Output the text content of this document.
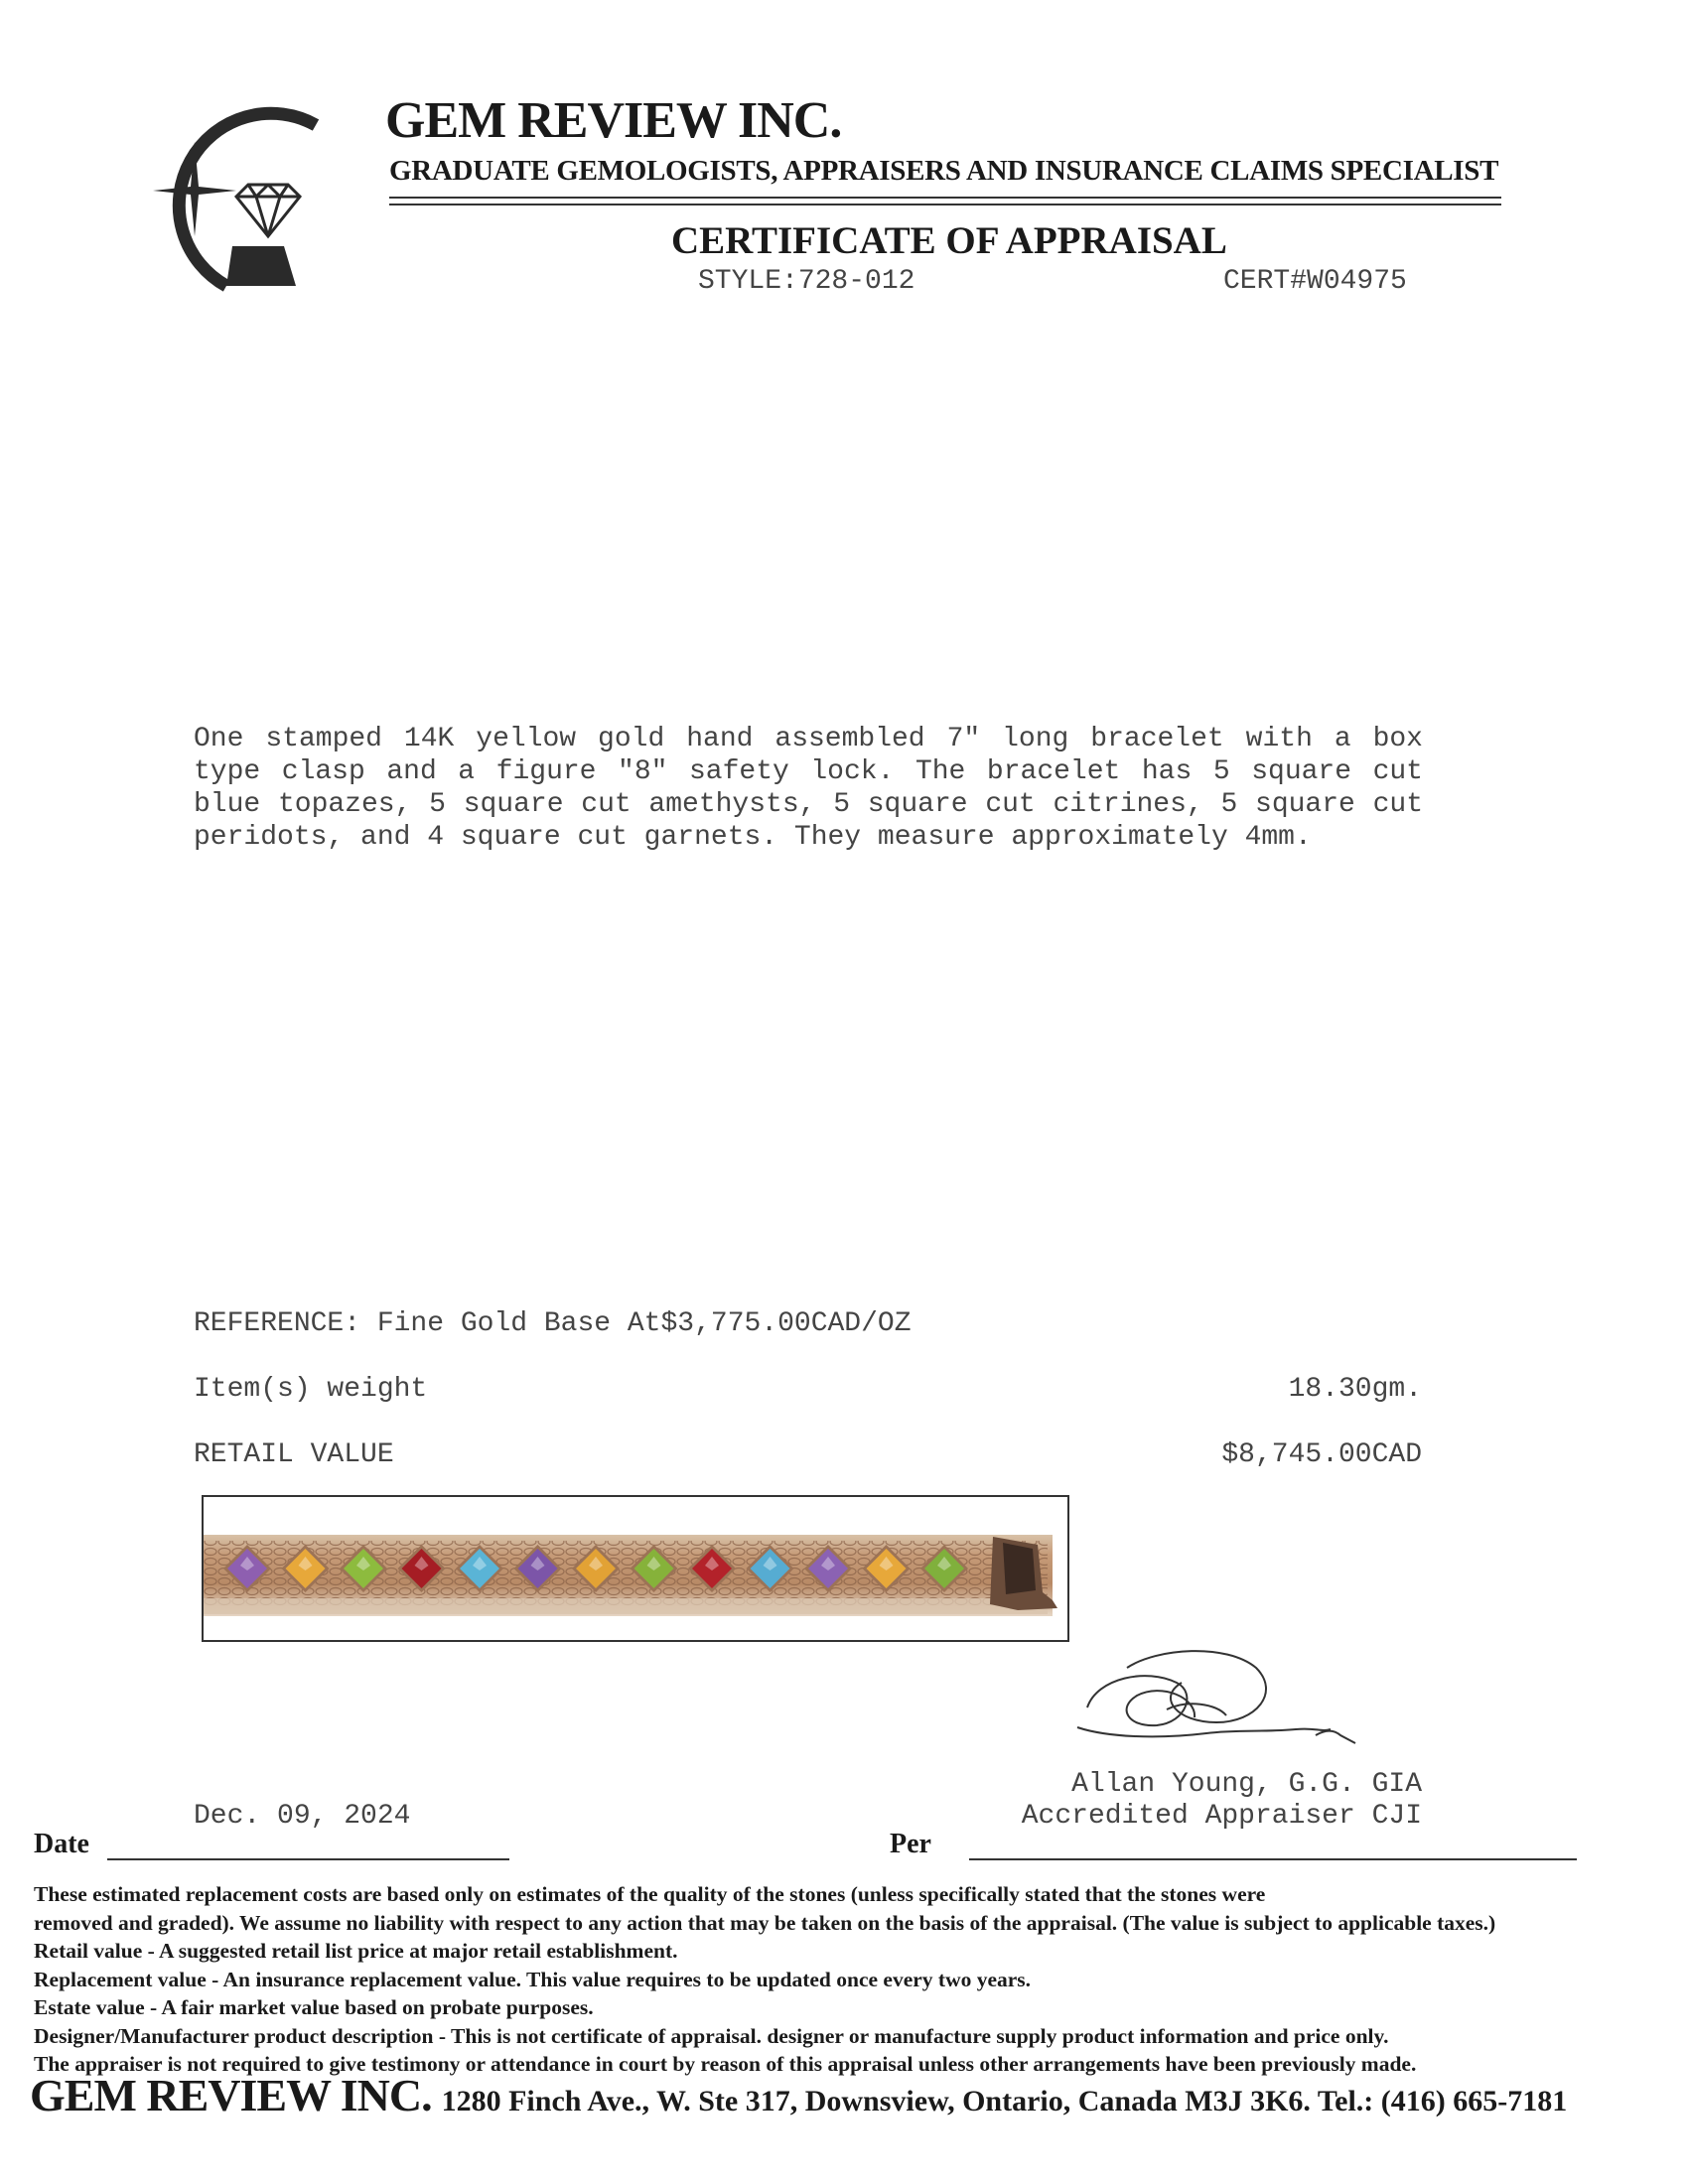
GEM REVIEW INC.
GRADUATE GEMOLOGISTS, APPRAISERS AND INSURANCE CLAIMS SPECIALIST
CERTIFICATE OF APPRAISAL
STYLE:728-012	CERT#W04975
One stamped 14K yellow gold hand assembled 7" long bracelet with a box type clasp and a figure "8" safety lock. The bracelet has 5 square cut blue topazes, 5 square cut amethysts, 5 square cut citrines, 5 square cut peridots, and 4 square cut garnets. They measure approximately 4mm.
REFERENCE: Fine Gold Base At$3,775.00CAD/OZ
Item(s) weight	18.30gm.
RETAIL VALUE	$8,745.00CAD
Allan Young, G.G. GIA
Accredited Appraiser CJI
Dec. 09, 2024
Date	Per
These estimated replacement costs are based only on estimates of the quality of the stones (unless specifically stated that the stones were
removed and graded). We assume no liability with respect to any action that may be taken on the basis of the appraisal. (The value is subject to applicable taxes.)
Retail value - A suggested retail list price at major retail establishment.
Replacement value - An insurance replacement value. This value requires to be updated once every two years.
Estate value - A fair market value based on probate purposes.
Designer/Manufacturer product description - This is not certificate of appraisal. designer or manufacture supply product information and price only.
The appraiser is not required to give testimony or attendance in court by reason of this appraisal unless other arrangements have been previously made.
GEM REVIEW INC. 1280 Finch Ave., W. Ste 317, Downsview, Ontario, Canada M3J 3K6. Tel.: (416) 665-7181
